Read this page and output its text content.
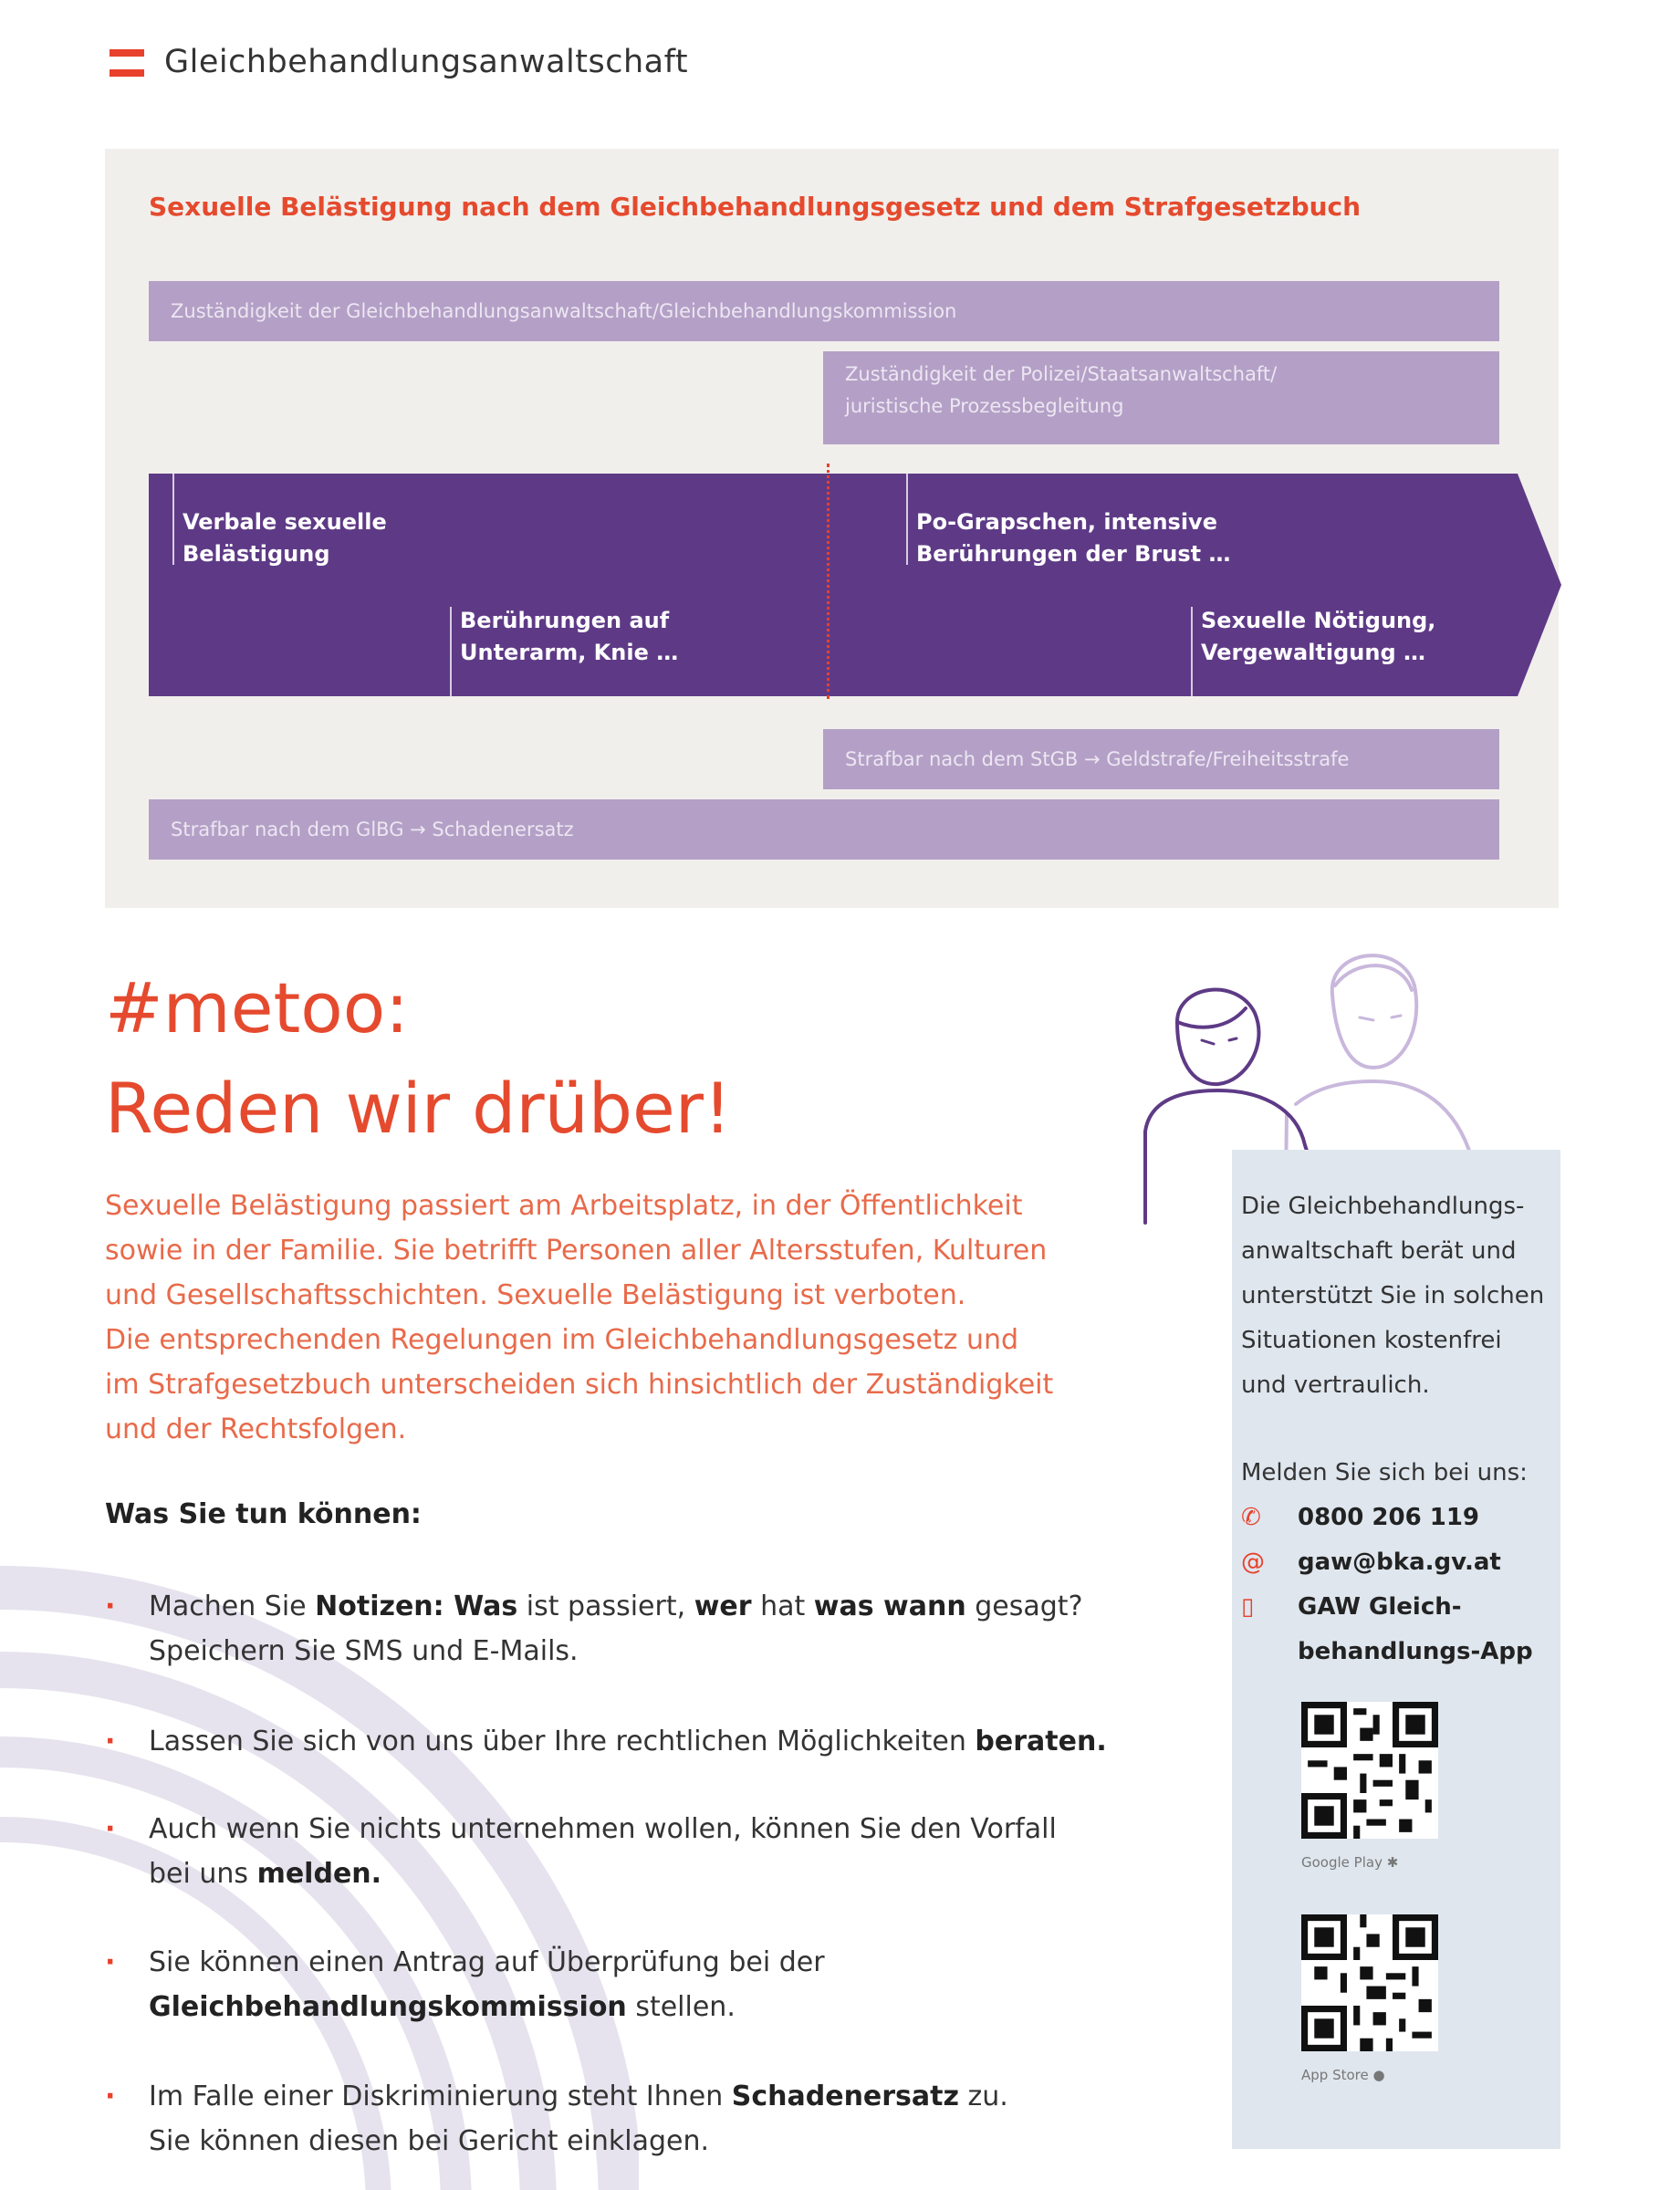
Gleichbehandlungsanwaltschaft
Sexuelle Belästigung nach dem Gleichbehandlungsgesetz und dem Strafgesetzbuch
Zuständigkeit der Gleichbehandlungsanwaltschaft/Gleichbehandlungskommission
Zuständigkeit der Polizei/Staatsanwaltschaft/
juristische Prozessbegleitung
Verbale sexuelle
Belästigung
Berührungen auf
Unterarm, Knie …
Po-Grapschen, intensive
Berührungen der Brust …
Sexuelle Nötigung,
Vergewaltigung …
Strafbar nach dem StGB → Geldstrafe/Freiheitsstrafe
Strafbar nach dem GlBG → Schadenersatz
#metoo:
Reden wir drüber!
Sexuelle Belästigung passiert am Arbeitsplatz, in der Öffentlichkeit
sowie in der Familie. Sie betrifft Personen aller Altersstufen, Kulturen
und Gesellschaftsschichten. Sexuelle Belästigung ist verboten.
Die entsprechenden Regelungen im Gleichbehandlungsgesetz und
im Strafgesetzbuch unterscheiden sich hinsichtlich der Zuständigkeit
und der Rechtsfolgen.
Was Sie tun können:
· Machen Sie Notizen: Was ist passiert, wer hat was wann gesagt?
Speichern Sie SMS und E-Mails.
· Lassen Sie sich von uns über Ihre rechtlichen Möglichkeiten beraten.
· Auch wenn Sie nichts unternehmen wollen, können Sie den Vorfall
bei uns melden.
· Sie können einen Antrag auf Überprüfung bei der
Gleichbehandlungskommission stellen.
· Im Falle einer Diskriminierung steht Ihnen Schadenersatz zu.
Sie können diesen bei Gericht einklagen.
Die Gleichbehandlungs-
anwaltschaft berät und
unterstützt Sie in solchen
Situationen kostenfrei
und vertraulich.
Melden Sie sich bei uns:
✆	0800 206 119
@ gaw@bka.gv.at
▯	GAW Gleich-
behandlungs-App
Google Play ✱
App Store ●
